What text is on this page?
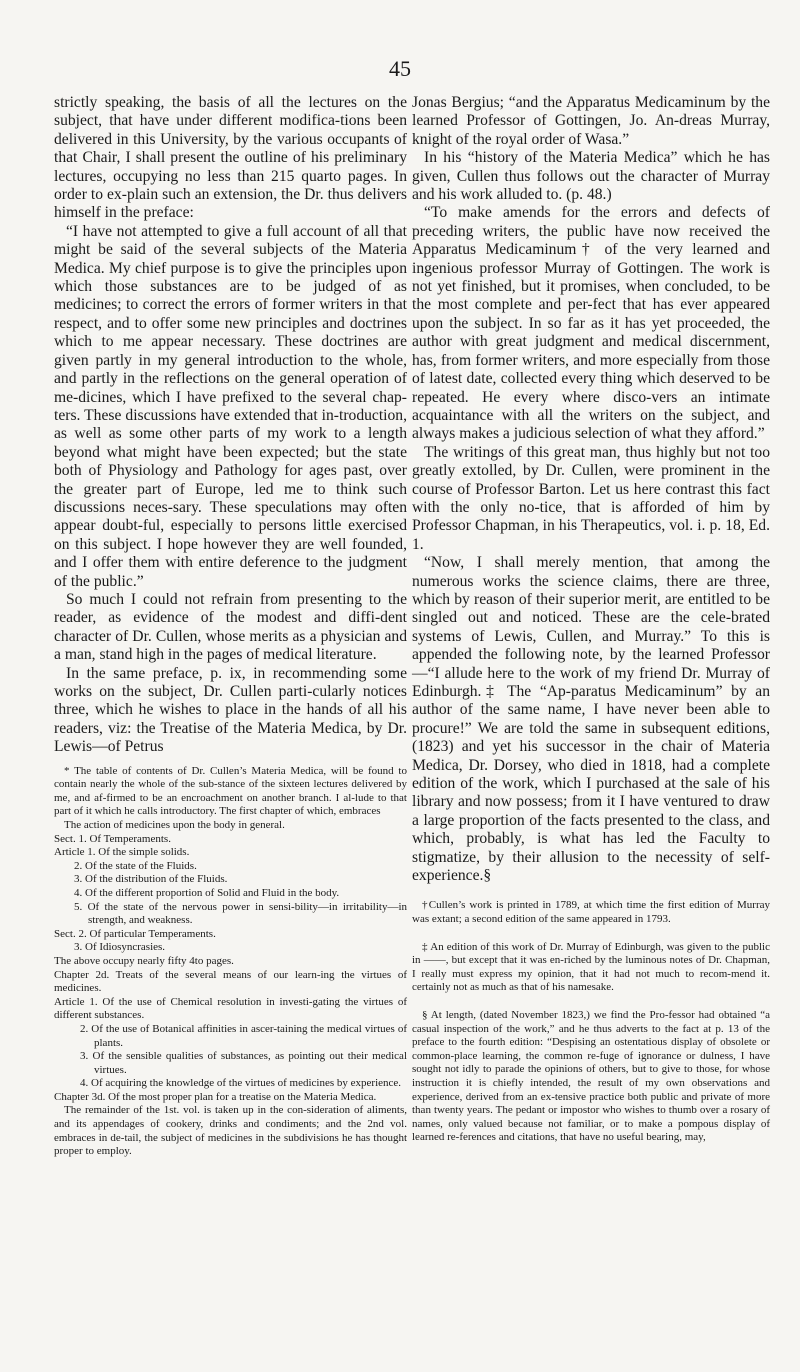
45

strictly speaking, the basis of all the lectures on the subject, that have under different modifica-tions been delivered in this University, by the various occupants of that Chair, I shall present the outline of his preliminary lectures, occupying no less than 215 quarto pages. In order to ex-plain such an extension, the Dr. thus delivers himself in the preface:

“I have not attempted to give a full account of all that might be said of the several subjects of the Materia Medica. My chief purpose is to give the principles upon which those substances are to be judged of as medicines; to correct the errors of former writers in that respect, and to offer some new principles and doctrines which to me appear necessary. These doctrines are given partly in my general introduction to the whole, and partly in the reflections on the general operation of me-dicines, which I have prefixed to the several chap-ters. These discussions have extended that in-troduction, as well as some other parts of my work to a length beyond what might have been expected; but the state both of Physiology and Pathology for ages past, over the greater part of Europe, led me to think such discussions neces-sary. These speculations may often appear doubt-ful, especially to persons little exercised on this subject. I hope however they are well founded, and I offer them with entire deference to the judgment of the public.”

So much I could not refrain from presenting to the reader, as evidence of the modest and diffi-dent character of Dr. Cullen, whose merits as a physician and a man, stand high in the pages of medical literature.

In the same preface, p. ix, in recommending some works on the subject, Dr. Cullen parti-cularly notices three, which he wishes to place in the hands of all his readers, viz: the Treatise of the Materia Medica, by Dr. Lewis—of Petrus

* The table of contents of Dr. Cullen’s Materia Medica, will be found to contain nearly the whole of the sub-stance of the sixteen lectures delivered by me, and af-firmed to be an encroachment on another branch. I al-lude to that part of it which he calls introductory. The first chapter of which, embraces

The action of medicines upon the body in general.

Sect. 1. Of Temperaments.

Article 1. Of the simple solids.

2. Of the state of the Fluids.

3. Of the distribution of the Fluids.

4. Of the different proportion of Solid and Fluid in the body.

5. Of the state of the nervous power in sensi-bility—in irritability—in strength, and weakness.

Sect. 2. Of particular Temperaments.

3. Of Idiosyncrasies.

The above occupy nearly fifty 4to pages.

Chapter 2d. Treats of the several means of our learn-ing the virtues of medicines.

Article 1. Of the use of Chemical resolution in investi-gating the virtues of different substances.

2. Of the use of Botanical affinities in ascer-taining the medical virtues of plants.

3. Of the sensible qualities of substances, as pointing out their medical virtues.

4. Of acquiring the knowledge of the virtues of medicines by experience.

Chapter 3d. Of the most proper plan for a treatise on the Materia Medica.

The remainder of the 1st. vol. is taken up in the con-sideration of aliments, and its appendages of cookery, drinks and condiments; and the 2nd vol. embraces in de-tail, the subject of medicines in the subdivisions he has thought proper to employ.

Jonas Bergius; “and the Apparatus Medicaminum by the learned Professor of Gottingen, Jo. An-dreas Murray, knight of the royal order of Wasa.”

In his “history of the Materia Medica” which he has given, Cullen thus follows out the character of Murray and his work alluded to. (p. 48.)

“To make amends for the errors and defects of preceding writers, the public have now received the Apparatus Medicaminum† of the very learned and ingenious professor Murray of Gottingen. The work is not yet finished, but it promises, when concluded, to be the most complete and per-fect that has ever appeared upon the subject. In so far as it has yet proceeded, the author with great judgment and medical discernment, has, from former writers, and more especially from those of latest date, collected every thing which deserved to be repeated. He every where disco-vers an intimate acquaintance with all the writers on the subject, and always makes a judicious selection of what they afford.”

The writings of this great man, thus highly but not too greatly extolled, by Dr. Cullen, were prominent in the course of Professor Barton. Let us here contrast this fact with the only no-tice, that is afforded of him by Professor Chapman, in his Therapeutics, vol. i. p. 18, Ed. 1.

“Now, I shall merely mention, that among the numerous works the science claims, there are three, which by reason of their superior merit, are entitled to be singled out and noticed. These are the cele-brated systems of Lewis, Cullen, and Murray.” To this is appended the following note, by the learned Professor—“I allude here to the work of my friend Dr. Murray of Edinburgh.‡ The “Ap-paratus Medicaminum” by an author of the same name, I have never been able to procure!” We are told the same in subsequent editions, (1823) and yet his successor in the chair of Materia Medica, Dr. Dorsey, who died in 1818, had a complete edition of the work, which I purchased at the sale of his library and now possess; from it I have ventured to draw a large proportion of the facts presented to the class, and which, probably, is what has led the Faculty to stigmatize, by their allusion to the necessity of self-experience.§

†Cullen’s work is printed in 1789, at which time the first edition of Murray was extant; a second edition of the same appeared in 1793.

‡ An edition of this work of Dr. Murray of Edinburgh, was given to the public in ——, but except that it was en-riched by the luminous notes of Dr. Chapman, I really must express my opinion, that it had not much to recom-mend it. certainly not as much as that of his namesake.

§ At length, (dated November 1823,) we find the Pro-fessor had obtained “a casual inspection of the work,” and he thus adverts to the fact at p. 13 of the preface to the fourth edition: “Despising an ostentatious display of obsolete or common-place learning, the common re-fuge of ignorance or dulness, I have sought not idly to parade the opinions of others, but to give to those, for whose instruction it is chiefly intended, the result of my own observations and experience, derived from an ex-tensive practice both public and private of more than twenty years. The pedant or impostor who wishes to thumb over a rosary of names, only valued because not familiar, or to make a pompous display of learned re-ferences and citations, that have no useful bearing, may,
